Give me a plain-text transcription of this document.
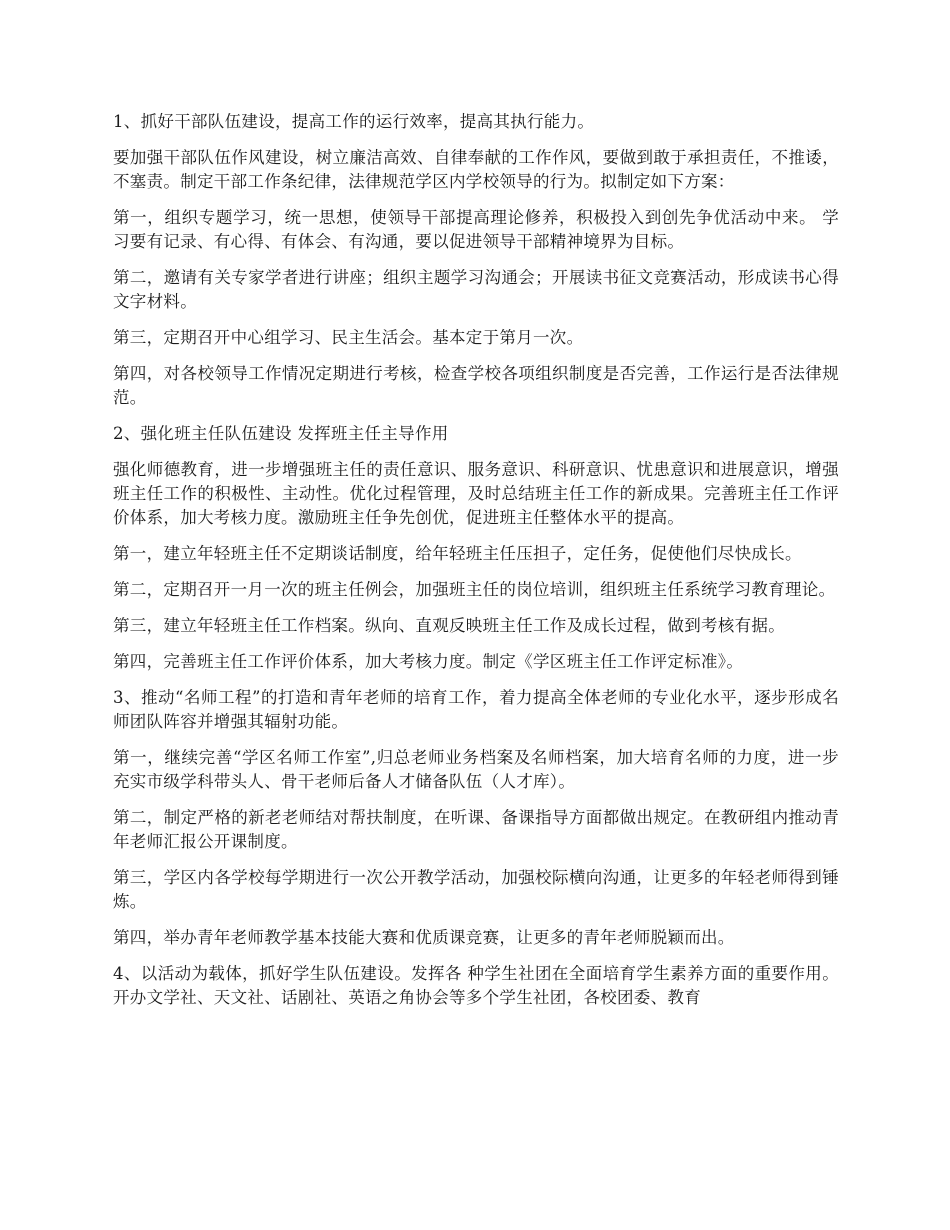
1、抓好干部队伍建设，提高工作的运行效率，提高其执行能力。

要加强干部队伍作风建设，树立廉洁高效、自律奉献的工作作风，要做到敢于承担责任，不推诿，不塞责。制定干部工作条纪律，法律规范学区内学校领导的行为。拟制定如下方案：

第一，组织专题学习，统一思想，使领导干部提高理论修养，积极投入到创先争优活动中来。 学习要有记录、有心得、有体会、有沟通，要以促进领导干部精神境界为目标。

第二，邀请有关专家学者进行讲座；组织主题学习沟通会；开展读书征文竞赛活动，形成读书心得文字材料。

第三，定期召开中心组学习、民主生活会。基本定于第月一次。

第四，对各校领导工作情况定期进行考核，检查学校各项组织制度是否完善，工作运行是否法律规范。

2、强化班主任队伍建设 发挥班主任主导作用

强化师德教育，进一步增强班主任的责任意识、服务意识、科研意识、忧患意识和进展意识，增强班主任工作的积极性、主动性。优化过程管理，及时总结班主任工作的新成果。完善班主任工作评价体系，加大考核力度。激励班主任争先创优，促进班主任整体水平的提高。

第一，建立年轻班主任不定期谈话制度，给年轻班主任压担子，定任务，促使他们尽快成长。

第二，定期召开一月一次的班主任例会，加强班主任的岗位培训，组织班主任系统学习教育理论。

第三，建立年轻班主任工作档案。纵向、直观反映班主任工作及成长过程，做到考核有据。

第四，完善班主任工作评价体系，加大考核力度。制定《学区班主任工作评定标准》。

3、推动“名师工程”的打造和青年老师的培育工作，着力提高全体老师的专业化水平，逐步形成名师团队阵容并增强其辐射功能。

第一，继续完善“学区名师工作室”,归总老师业务档案及名师档案，加大培育名师的力度，进一步充实市级学科带头人、骨干老师后备人才储备队伍（人才库）。

第二，制定严格的新老老师结对帮扶制度，在听课、备课指导方面都做出规定。在教研组内推动青年老师汇报公开课制度。

第三，学区内各学校每学期进行一次公开教学活动，加强校际横向沟通，让更多的年轻老师得到锤炼。

第四，举办青年老师教学基本技能大赛和优质课竞赛，让更多的青年老师脱颖而出。

4、以活动为载体，抓好学生队伍建设。发挥各 种学生社团在全面培育学生素养方面的重要作用。开办文学社、天文社、话剧社、英语之角协会等多个学生社团，各校团委、教育
